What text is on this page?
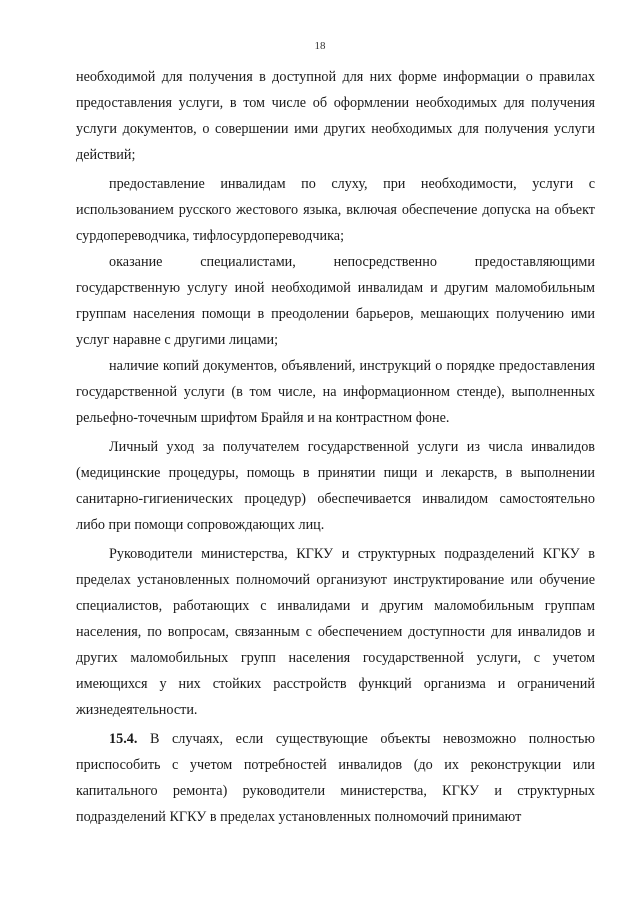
18

необходимой для получения в доступной для них форме информации о правилах предоставления услуги, в том числе об оформлении необходимых для получения услуги документов, о совершении ими других необходимых для получения услуги действий;

предоставление инвалидам по слуху, при необходимости, услуги с использованием русского жестового языка, включая обеспечение допуска на объект сурдопереводчика, тифлосурдопереводчика;

оказание специалистами, непосредственно предоставляющими государственную услугу иной необходимой инвалидам и другим маломобильным группам населения помощи в преодолении барьеров, мешающих получению ими услуг наравне с другими лицами;

наличие копий документов, объявлений, инструкций о порядке предоставления государственной услуги (в том числе, на информационном стенде), выполненных рельефно-точечным шрифтом Брайля и на контрастном фоне.

Личный уход за получателем государственной услуги из числа инвалидов (медицинские процедуры, помощь в принятии пищи и лекарств, в выполнении санитарно-гигиенических процедур) обеспечивается инвалидом самостоятельно либо при помощи сопровождающих лиц.

Руководители министерства, КГКУ и структурных подразделений КГКУ в пределах установленных полномочий организуют инструктирование или обучение специалистов, работающих с инвалидами и другим маломобильным группам населения, по вопросам, связанным с обеспечением доступности для инвалидов и других маломобильных групп населения государственной услуги, с учетом имеющихся у них стойких расстройств функций организма и ограничений жизнедеятельности.

15.4. В случаях, если существующие объекты невозможно полностью приспособить с учетом потребностей инвалидов (до их реконструкции или капитального ремонта) руководители министерства, КГКУ и структурных подразделений КГКУ в пределах установленных полномочий принимают
